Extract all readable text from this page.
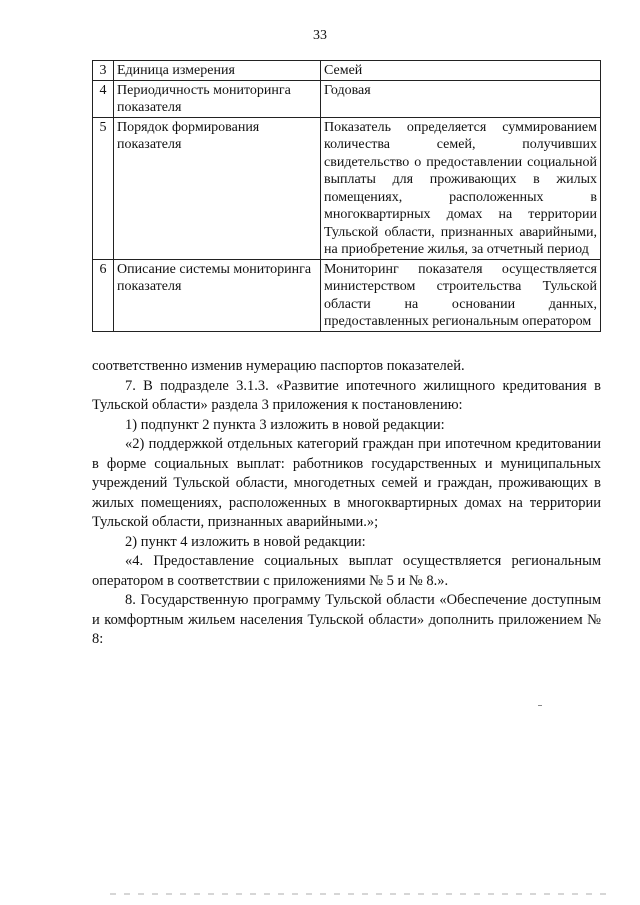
33
3	Единица измерения	Семей
4	Периодичность мониторинга показателя	Годовая
5	Порядок формирования показателя	Показатель определяется суммированием количества семей, получивших свидетельство о предоставлении социальной выплаты для проживающих в жилых помещениях, расположенных в многоквартирных домах на территории Тульской области, признанных аварийными, на приобретение жилья, за отчетный период
6	Описание системы мониторинга показателя	Мониторинг показателя осуществляется министерством строительства Тульской области на основании данных, предоставленных региональным оператором

соответственно изменив нумерацию паспортов показателей.

7. В подразделе 3.1.3. «Развитие ипотечного жилищного кредитования в Тульской области» раздела 3 приложения к постановлению:

1) подпункт 2 пункта 3 изложить в новой редакции:

«2) поддержкой отдельных категорий граждан при ипотечном кредитовании в форме социальных выплат: работников государственных и муниципальных учреждений Тульской области, многодетных семей и граждан, проживающих в жилых помещениях, расположенных в многоквартирных домах на территории Тульской области, признанных аварийными.»;

2) пункт 4 изложить в новой редакции:

«4. Предоставление социальных выплат осуществляется региональным оператором в соответствии с приложениями № 5 и № 8.».

8. Государственную программу Тульской области «Обеспечение доступным и комфортным жильем населения Тульской области» дополнить приложением № 8:
